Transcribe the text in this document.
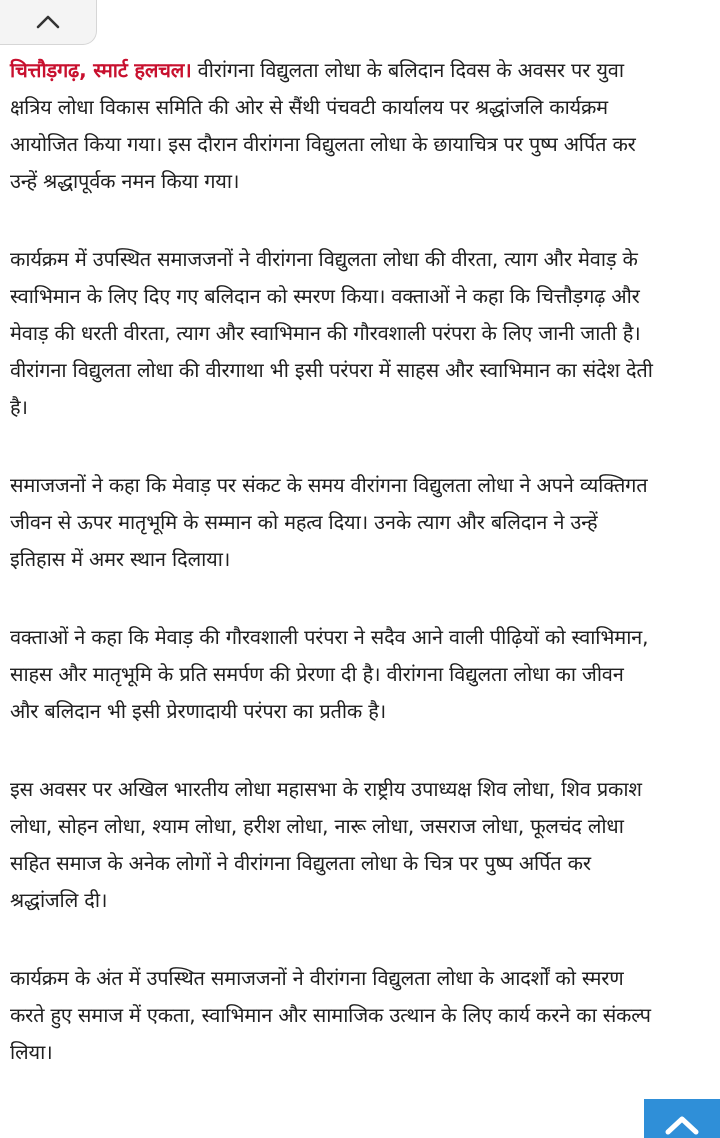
चित्तौड़गढ़, स्मार्ट हलचल। वीरांगना विद्युलता लोधा के बलिदान दिवस के अवसर पर युवा क्षत्रिय लोधा विकास समिति की ओर से सैंथी पंचवटी कार्यालय पर श्रद्धांजलि कार्यक्रम आयोजित किया गया। इस दौरान वीरांगना विद्युलता लोधा के छायाचित्र पर पुष्प अर्पित कर उन्हें श्रद्धापूर्वक नमन किया गया।

कार्यक्रम में उपस्थित समाजजनों ने वीरांगना विद्युलता लोधा की वीरता, त्याग और मेवाड़ के स्वाभिमान के लिए दिए गए बलिदान को स्मरण किया। वक्ताओं ने कहा कि चित्तौड़गढ़ और मेवाड़ की धरती वीरता, त्याग और स्वाभिमान की गौरवशाली परंपरा के लिए जानी जाती है। वीरांगना विद्युलता लोधा की वीरगाथा भी इसी परंपरा में साहस और स्वाभिमान का संदेश देती है।

समाजजनों ने कहा कि मेवाड़ पर संकट के समय वीरांगना विद्युलता लोधा ने अपने व्यक्तिगत जीवन से ऊपर मातृभूमि के सम्मान को महत्व दिया। उनके त्याग और बलिदान ने उन्हें इतिहास में अमर स्थान दिलाया।

वक्ताओं ने कहा कि मेवाड़ की गौरवशाली परंपरा ने सदैव आने वाली पीढ़ियों को स्वाभिमान, साहस और मातृभूमि के प्रति समर्पण की प्रेरणा दी है। वीरांगना विद्युलता लोधा का जीवन और बलिदान भी इसी प्रेरणादायी परंपरा का प्रतीक है।

इस अवसर पर अखिल भारतीय लोधा महासभा के राष्ट्रीय उपाध्यक्ष शिव लोधा, शिव प्रकाश लोधा, सोहन लोधा, श्याम लोधा, हरीश लोधा, नारू लोधा, जसराज लोधा, फूलचंद लोधा सहित समाज के अनेक लोगों ने वीरांगना विद्युलता लोधा के चित्र पर पुष्प अर्पित कर श्रद्धांजलि दी।

कार्यक्रम के अंत में उपस्थित समाजजनों ने वीरांगना विद्युलता लोधा के आदर्शों को स्मरण करते हुए समाज में एकता, स्वाभिमान और सामाजिक उत्थान के लिए कार्य करने का संकल्प लिया।
